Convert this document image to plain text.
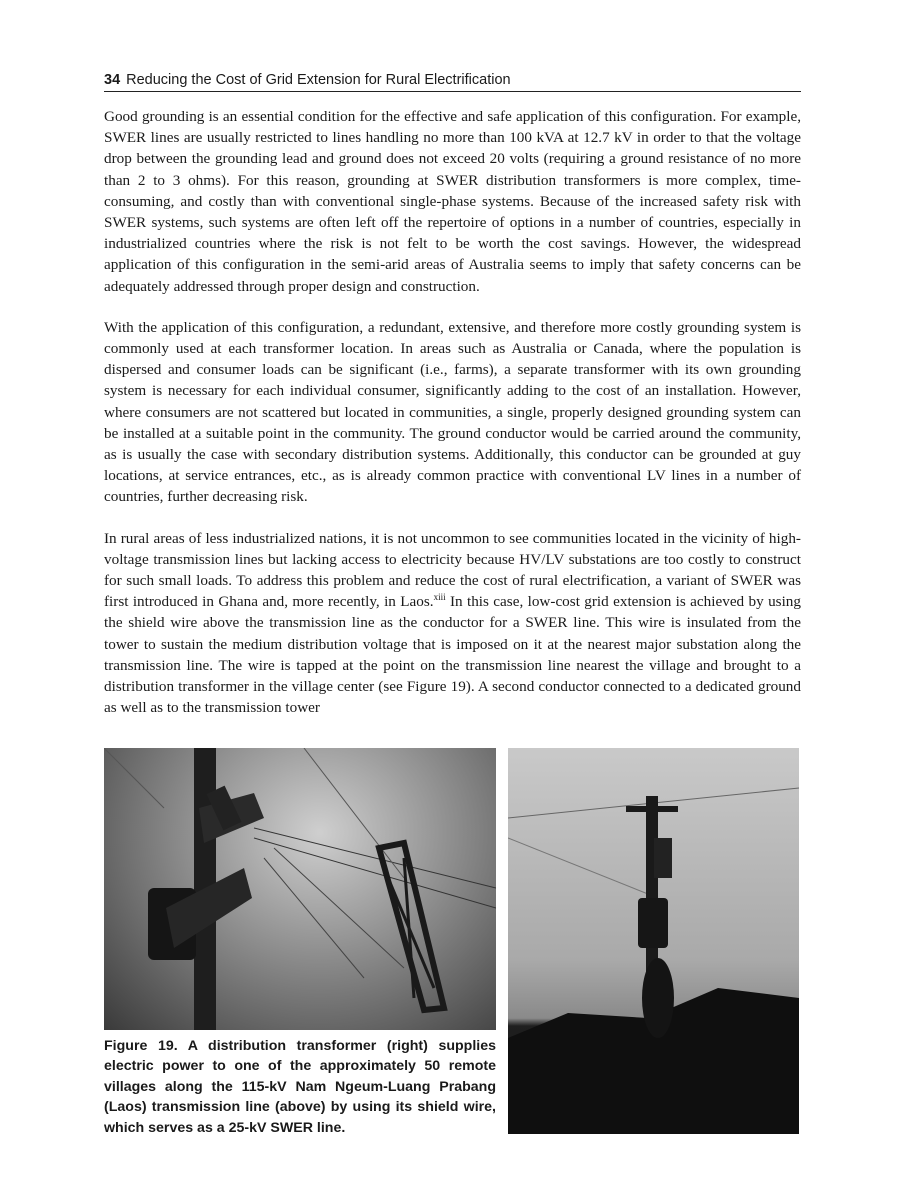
34 Reducing the Cost of Grid Extension for Rural Electrification

Good grounding is an essential condition for the effective and safe application of this configuration. For example, SWER lines are usually restricted to lines handling no more than 100 kVA at 12.7 kV in order to that the voltage drop between the grounding lead and ground does not exceed 20 volts (requiring a ground resistance of no more than 2 to 3 ohms). For this reason, grounding at SWER distribution transformers is more complex, time-consuming, and costly than with conventional single-phase systems. Because of the increased safety risk with SWER systems, such systems are often left off the repertoire of options in a number of countries, especially in industrialized countries where the risk is not felt to be worth the cost savings. However, the widespread application of this configuration in the semi-arid areas of Australia seems to imply that safety concerns can be adequately addressed through proper design and construction.

With the application of this configuration, a redundant, extensive, and therefore more costly grounding system is commonly used at each transformer location. In areas such as Australia or Canada, where the population is dispersed and consumer loads can be significant (i.e., farms), a separate transformer with its own grounding system is necessary for each individual consumer, significantly adding to the cost of an installation. However, where consumers are not scattered but located in communities, a single, properly designed grounding system can be installed at a suitable point in the community. The ground conductor would be carried around the community, as is usually the case with secondary distribution systems. Additionally, this conductor can be grounded at guy locations, at service entrances, etc., as is already common practice with conventional LV lines in a number of countries, further decreasing risk.

In rural areas of less industrialized nations, it is not uncommon to see communities located in the vicinity of high-voltage transmission lines but lacking access to electricity because HV/LV substations are too costly to construct for such small loads. To address this problem and reduce the cost of rural electrification, a variant of SWER was first introduced in Ghana and, more recently, in Laos.$^{xiii}$ In this case, low-cost grid extension is achieved by using the shield wire above the transmission line as the conductor for a SWER line. This wire is insulated from the tower to sustain the medium distribution voltage that is imposed on it at the nearest major substation along the transmission line. The wire is tapped at the point on the transmission line nearest the village and brought to a distribution transformer in the village center (see Figure 19). A second conductor connected to a dedicated ground as well as to the transmission tower

Figure 19. A distribution transformer (right) supplies electric power to one of the approximately 50 remote villages along the 115-kV Nam Ngeum-Luang Prabang (Laos) transmission line (above) by using its shield wire, which serves as a 25-kV SWER line.
